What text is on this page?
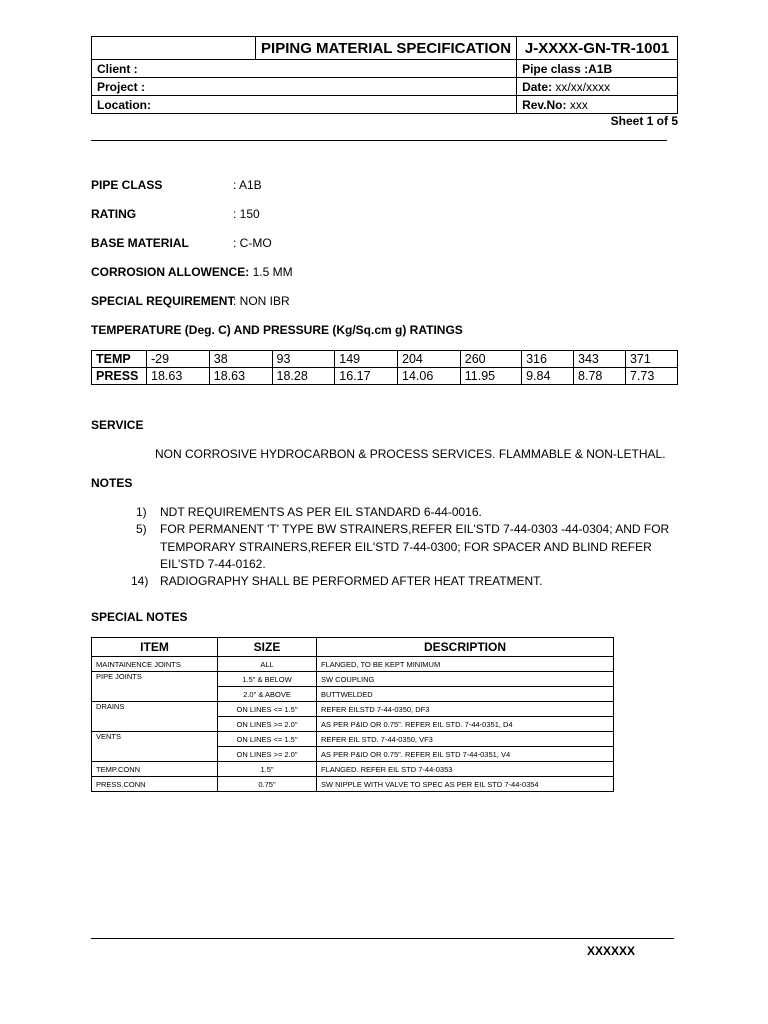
	PIPING MATERIAL SPECIFICATION	J-XXXX-GN-TR-1001
Client :		Pipe class :A1B
Project :		Date: xx/xx/xxxx
Location:		Rev.No: xxx
Sheet 1 of 5
PIPE CLASS	: A1B
RATING	: 150
BASE MATERIAL	: C-MO
CORROSION ALLOWENCE: 1.5 MM
SPECIAL REQUIREMENT
: NON IBR
TEMPERATURE (Deg. C) AND PRESSURE (Kg/Sq.cm g) RATINGS
TEMP	-29	38	93	149	204	260	316	343	371
PRESS	18.63	18.63	18.28	16.17	14.06	11.95	9.84	8.78	7.73
SERVICE
NON CORROSIVE HYDROCARBON & PROCESS SERVICES. FLAMMABLE & NON-LETHAL.
NOTES
1) NDT REQUIREMENTS AS PER EIL STANDARD 6-44-0016.
5) FOR PERMANENT 'T' TYPE BW STRAINERS,REFER EIL'STD 7-44-0303 -44-0304; AND FOR
TEMPORARY STRAINERS,REFER EIL'STD 7-44-0300; FOR SPACER AND BLIND REFER
EIL'STD 7-44-0162.
14) RADIOGRAPHY SHALL BE PERFORMED AFTER HEAT TREATMENT.
SPECIAL NOTES
ITEM	SIZE	DESCRIPTION
MAINTAINENCE JOINTS	ALL	FLANGED, TO BE KEPT MINIMUM
PIPE JOINTS	1.5" & BELOW	SW COUPLING
	2.0" & ABOVE	BUTTWELDED
DRAINS	ON LINES <= 1.5"	REFER EILSTD 7-44-0350, DF3
	ON LINES >= 2.0"	AS PER P&ID OR 0.75". REFER EIL STD. 7-44-0351, D4
VENTS	ON LINES <= 1.5"	REFER EIL STD. 7-44-0350, VF3
	ON LINES >= 2.0"	AS PER P&ID OR 0.75". REFER EIL STD 7-44-0351, V4
TEMP.CONN	1.5"	FLANGED. REFER EIL STD 7-44-0353
PRESS.CONN	0.75"	SW NIPPLE WITH VALVE TO SPEC AS PER EIL STD 7-44-0354
XXXXXX
